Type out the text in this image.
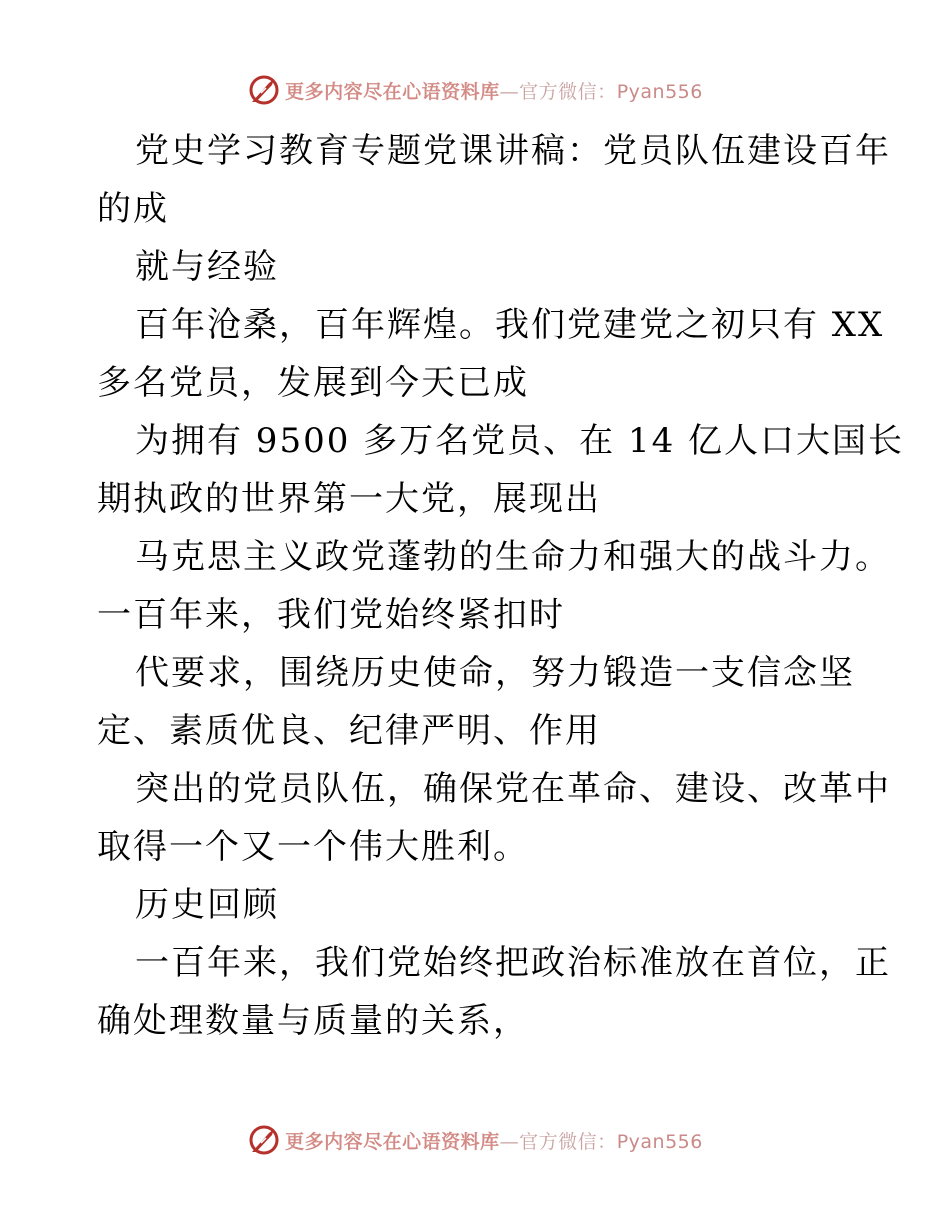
更多内容尽在心语资料库—官方微信：Pyan556
党史学习教育专题党课讲稿：党员队伍建设百年
的成
就与经验
百年沧桑，百年辉煌。我们党建党之初只有 XX
多名党员，发展到今天已成
为拥有 9500 多万名党员、在 14 亿人口大国长
期执政的世界第一大党，展现出
马克思主义政党蓬勃的生命力和强大的战斗力。
一百年来，我们党始终紧扣时
代要求，围绕历史使命，努力锻造一支信念坚
定、素质优良、纪律严明、作用
突出的党员队伍，确保党在革命、建设、改革中
取得一个又一个伟大胜利。
历史回顾
一百年来，我们党始终把政治标准放在首位，正
确处理数量与质量的关系，
更多内容尽在心语资料库—官方微信：Pyan556
